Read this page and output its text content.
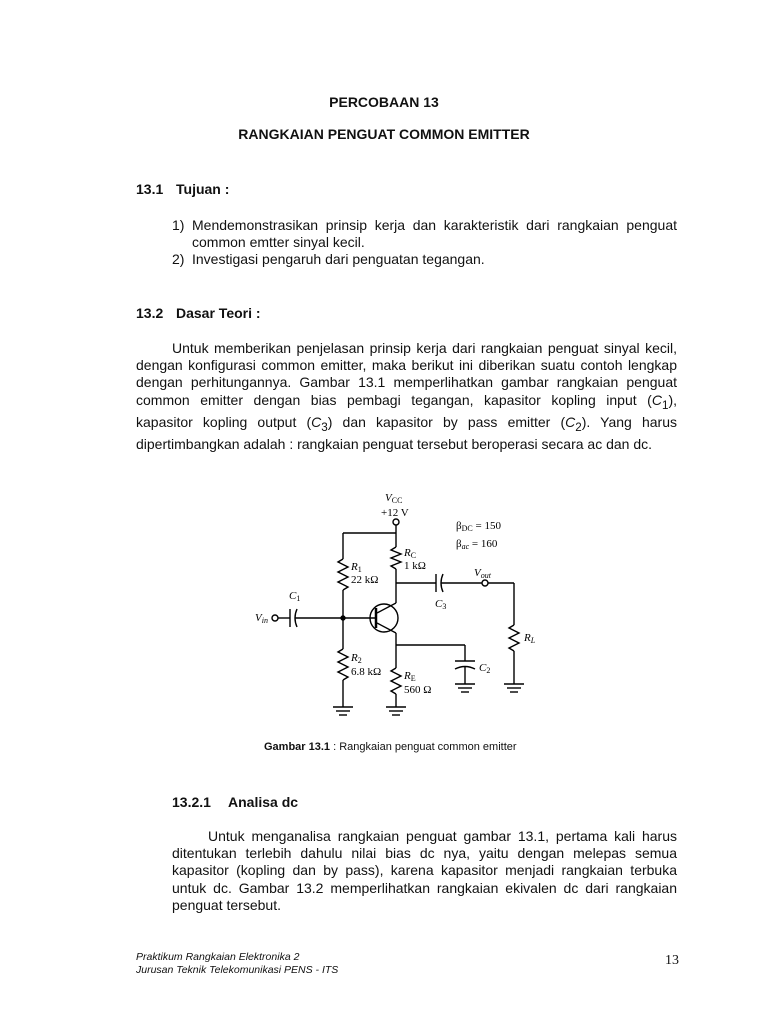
PERCOBAAN 13
RANGKAIAN PENGUAT COMMON EMITTER
13.1 Tujuan :
1) Mendemonstrasikan prinsip kerja dan karakteristik dari rangkaian penguat common emtter sinyal kecil.
2) Investigasi pengaruh dari penguatan tegangan.
13.2 Dasar Teori :

Untuk memberikan penjelasan prinsip kerja dari rangkaian penguat sinyal kecil, dengan konfigurasi common emitter, maka berikut ini diberikan suatu contoh lengkap dengan perhitungannya. Gambar 13.1 memperlihatkan gambar rangkaian penguat common emitter dengan bias pembagi tegangan, kapasitor kopling input $(C_1)$, kapasitor kopling output $(C_3)$ dan kapasitor by pass emitter $(C_2)$. Yang harus dipertimbangkan adalah : rangkaian penguat tersebut beroperasi secara ac dan dc.

VCC
+12 V
βDC = 150
βac = 160
R1
22 kΩ
RC
1 kΩ
Vout
C1	C3
Vin
RL
R2
6.8 kΩ RE
560 Ω
C2
Gambar 13.1 : Rangkaian penguat common emitter
13.2.1 Analisa dc

Untuk menganalisa rangkaian penguat gambar 13.1, pertama kali harus ditentukan terlebih dahulu nilai bias dc nya, yaitu dengan melepas semua kapasitor (kopling dan by pass), karena kapasitor menjadi rangkaian terbuka untuk dc. Gambar 13.2 memperlihatkan rangkaian ekivalen dc dari rangkaian penguat tersebut.

Praktikum Rangkaian Elektronika 2
Jurusan Teknik Telekomunikasi PENS - ITS
13
